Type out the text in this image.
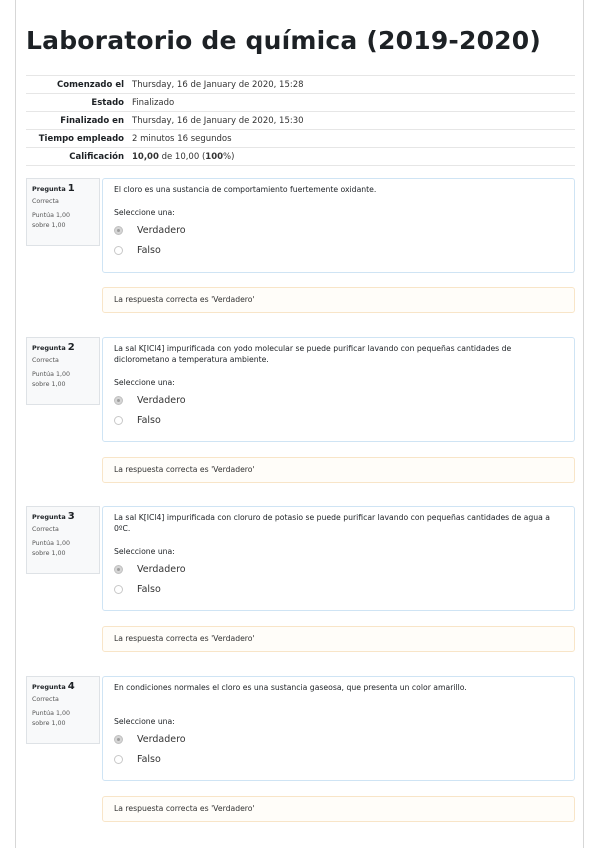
Laboratorio de química (2019-2020)
Comenzado el	Thursday, 16 de January de 2020, 15:28
Estado	Finalizado
Finalizado en	Thursday, 16 de January de 2020, 15:30
Tiempo empleado	2 minutos 16 segundos
Calificación	10,00 de 10,00 (100%)
Pregunta 1
Correcta
Puntúa 1,00
sobre 1,00
El cloro es una sustancia de comportamiento fuertemente oxidante.
Seleccione una:
Verdadero
Falso
La respuesta correcta es 'Verdadero'
Pregunta 2
Correcta
Puntúa 1,00
sobre 1,00
La sal K[ICl4] impurificada con yodo molecular se puede purificar lavando con pequeñas cantidades de diclorometano a temperatura ambiente.
Seleccione una:
Verdadero
Falso
La respuesta correcta es 'Verdadero'
Pregunta 3
Correcta
Puntúa 1,00
sobre 1,00
La sal K[ICl4] impurificada con cloruro de potasio se puede purificar lavando con pequeñas cantidades de agua a 0ºC.
Seleccione una:
Verdadero
Falso
La respuesta correcta es 'Verdadero'
Pregunta 4
Correcta
Puntúa 1,00
sobre 1,00
En condiciones normales el cloro es una sustancia gaseosa, que presenta un color amarillo.
Seleccione una:
Verdadero
Falso
La respuesta correcta es 'Verdadero'
